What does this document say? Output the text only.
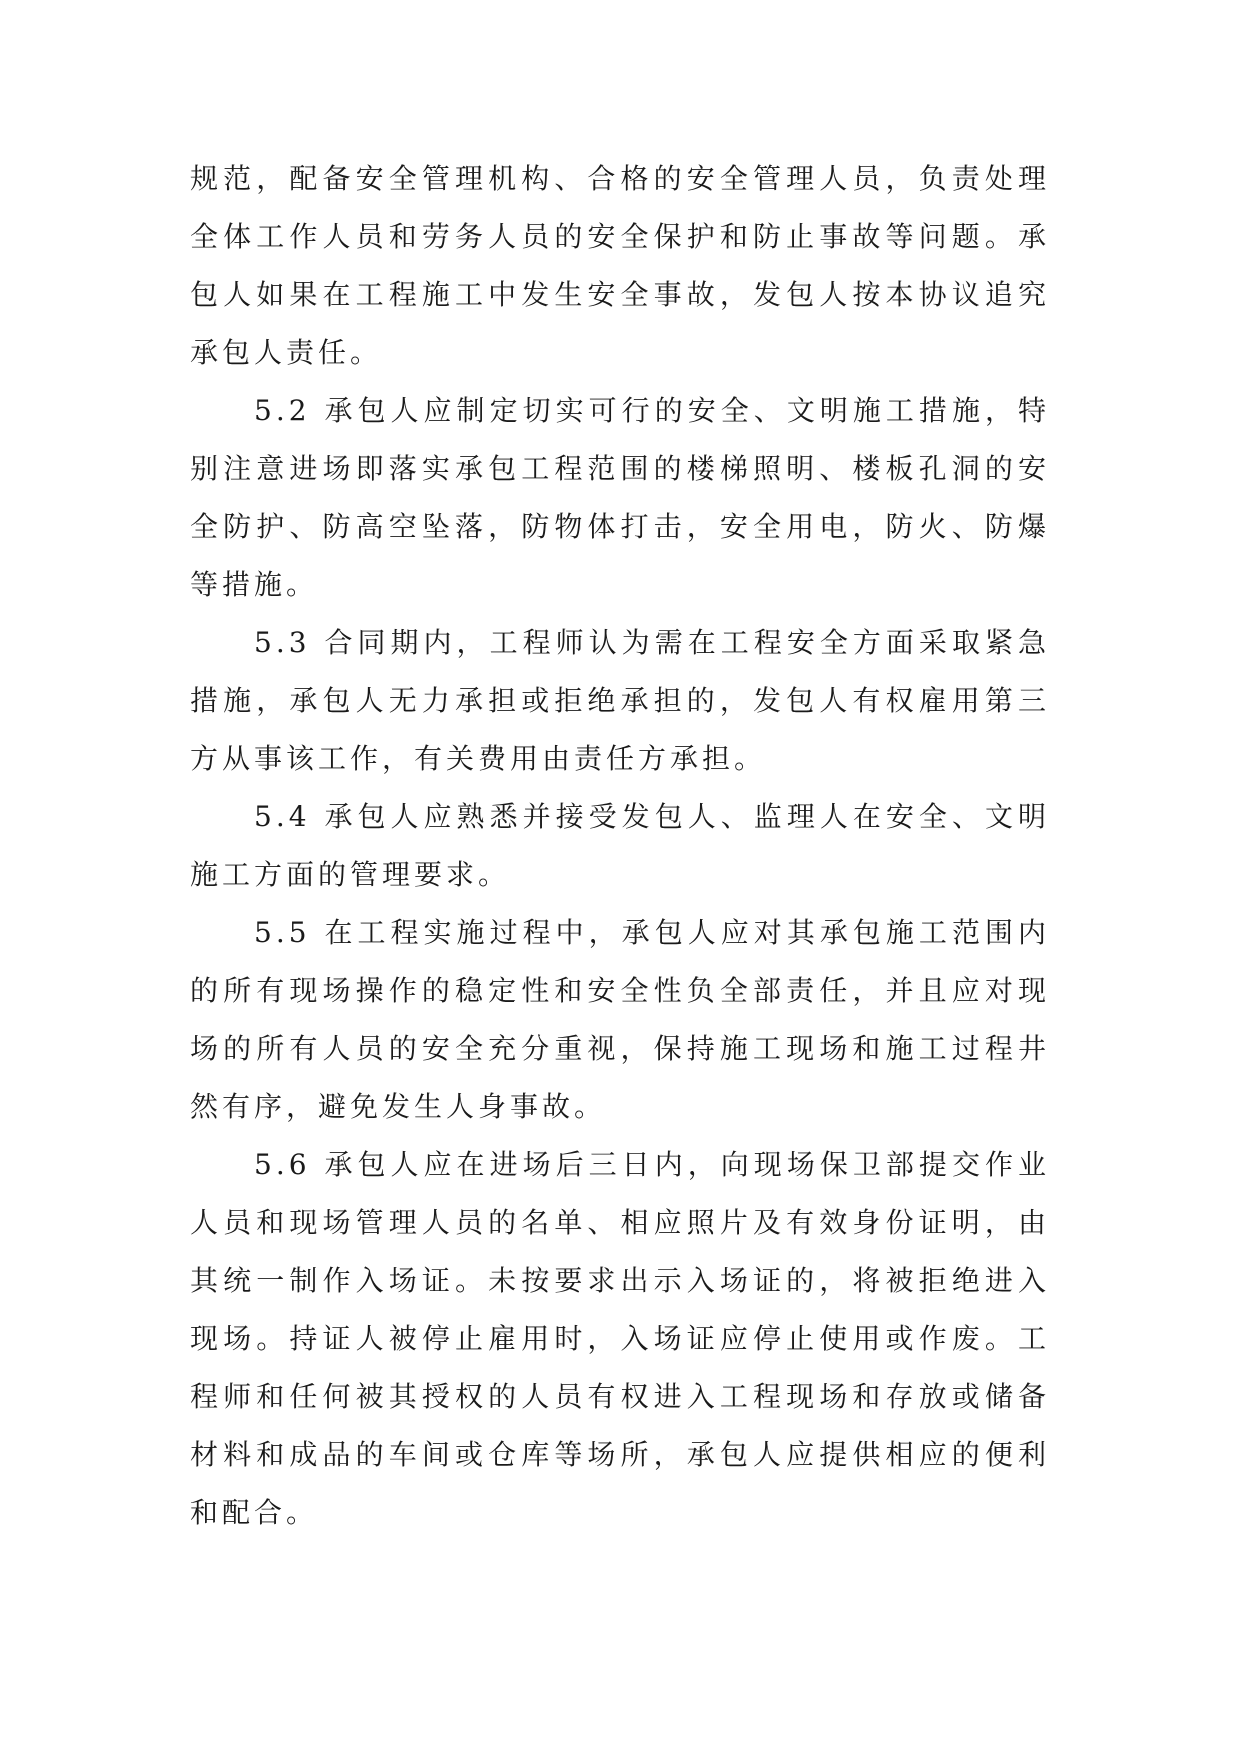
规范，配备安全管理机构、合格的安全管理人员，负责处理全体工作人员和劳务人员的安全保护和防止事故等问题。承包人如果在工程施工中发生安全事故，发包人按本协议追究承包人责任。

5.2 承包人应制定切实可行的安全、文明施工措施，特别注意进场即落实承包工程范围的楼梯照明、楼板孔洞的安全防护、防高空坠落，防物体打击，安全用电，防火、防爆等措施。

5.3 合同期内，工程师认为需在工程安全方面采取紧急措施，承包人无力承担或拒绝承担的，发包人有权雇用第三方从事该工作，有关费用由责任方承担。

5.4 承包人应熟悉并接受发包人、监理人在安全、文明施工方面的管理要求。

5.5 在工程实施过程中，承包人应对其承包施工范围内的所有现场操作的稳定性和安全性负全部责任，并且应对现场的所有人员的安全充分重视，保持施工现场和施工过程井然有序，避免发生人身事故。

5.6 承包人应在进场后三日内，向现场保卫部提交作业人员和现场管理人员的名单、相应照片及有效身份证明，由其统一制作入场证。未按要求出示入场证的，将被拒绝进入现场。持证人被停止雇用时，入场证应停止使用或作废。工程师和任何被其授权的人员有权进入工程现场和存放或储备材料和成品的车间或仓库等场所，承包人应提供相应的便利和配合。
